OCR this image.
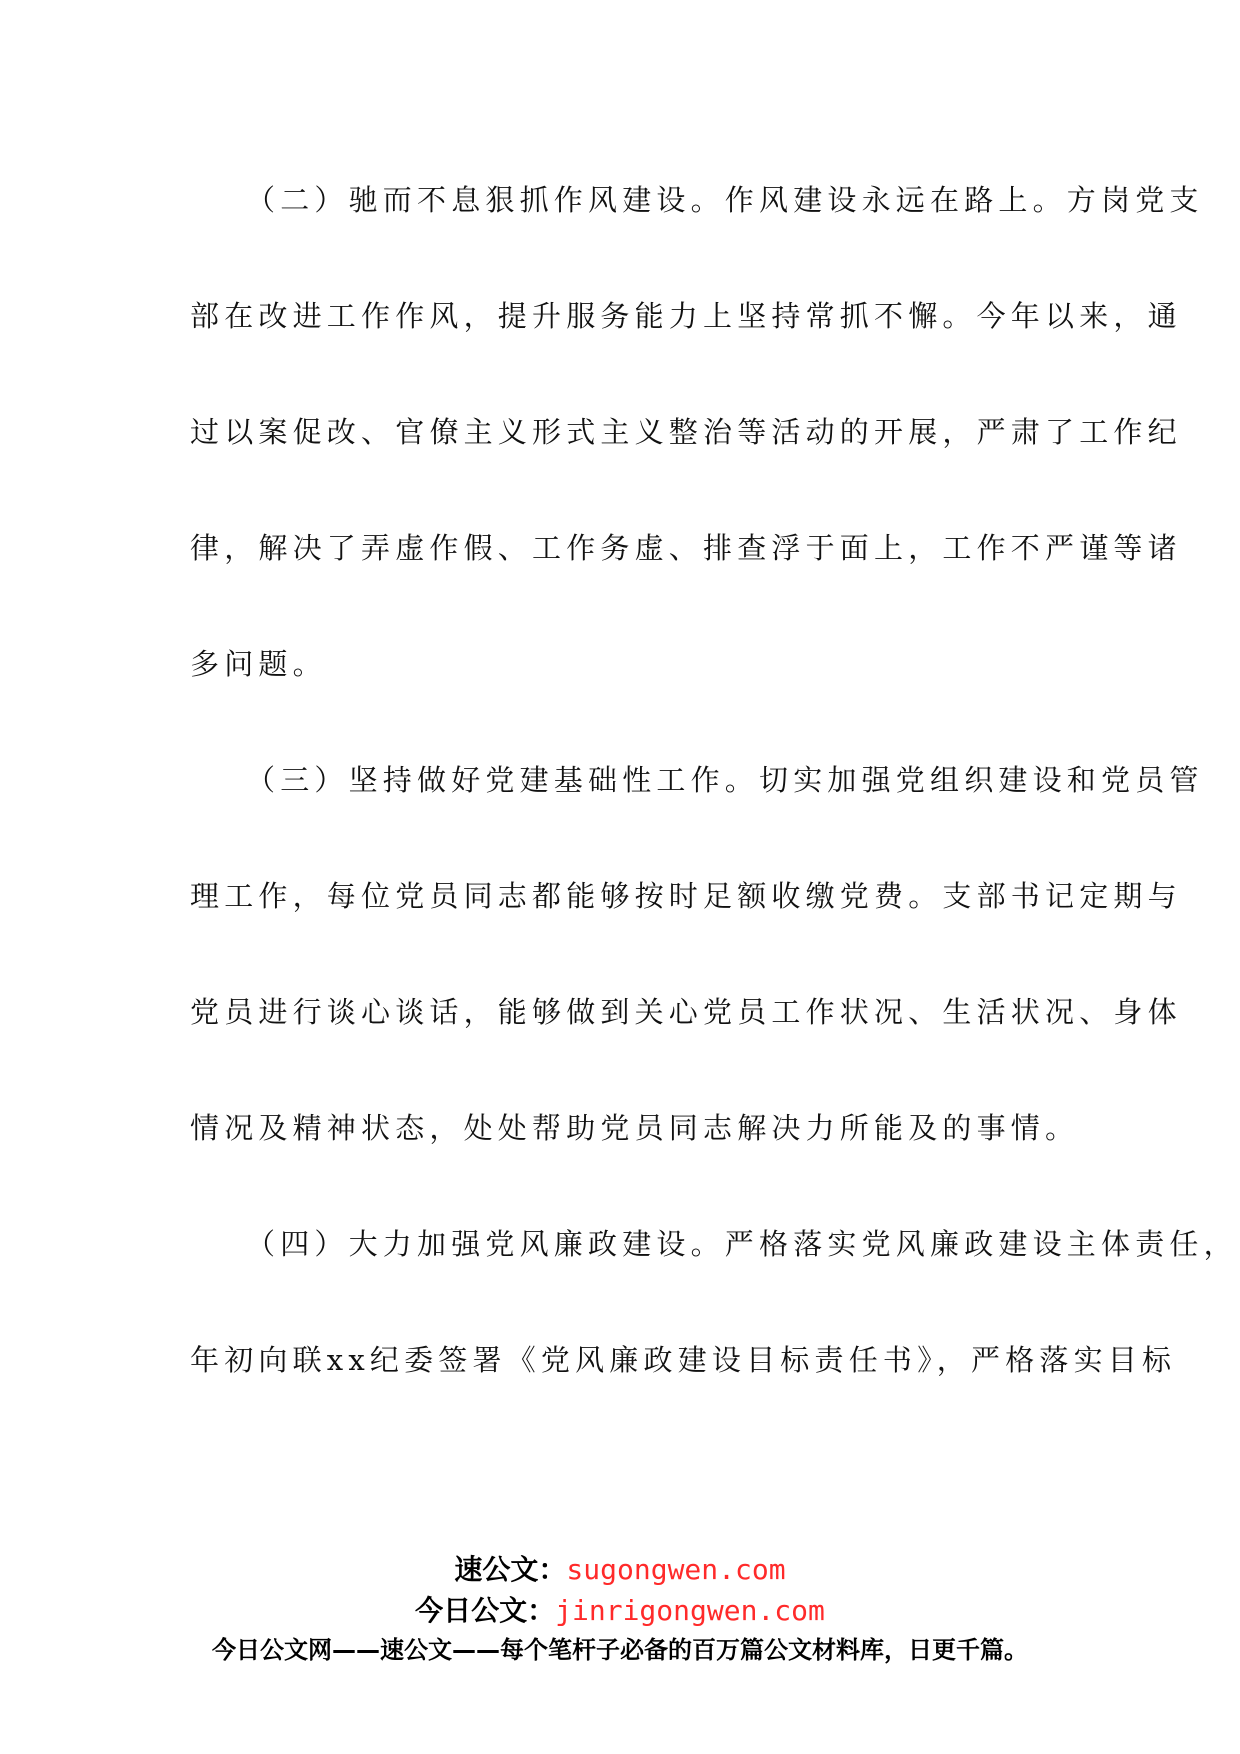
（二）驰而不息狠抓作风建设。作风建设永远在路上。方岗党支
部在改进工作作风，提升服务能力上坚持常抓不懈。今年以来，通
过以案促改、官僚主义形式主义整治等活动的开展，严肃了工作纪
律，解决了弄虚作假、工作务虚、排查浮于面上，工作不严谨等诸
多问题。
（三）坚持做好党建基础性工作。切实加强党组织建设和党员管
理工作，每位党员同志都能够按时足额收缴党费。支部书记定期与
党员进行谈心谈话，能够做到关心党员工作状况、生活状况、身体
情况及精神状态，处处帮助党员同志解决力所能及的事情。
（四）大力加强党风廉政建设。严格落实党风廉政建设主体责任，
年初向联xx纪委签署《党风廉政建设目标责任书》，严格落实目标
速公文：sugongwen.com
今日公文：jinrigongwen.com
今日公文网——速公文——每个笔杆子必备的百万篇公文材料库，日更千篇。
